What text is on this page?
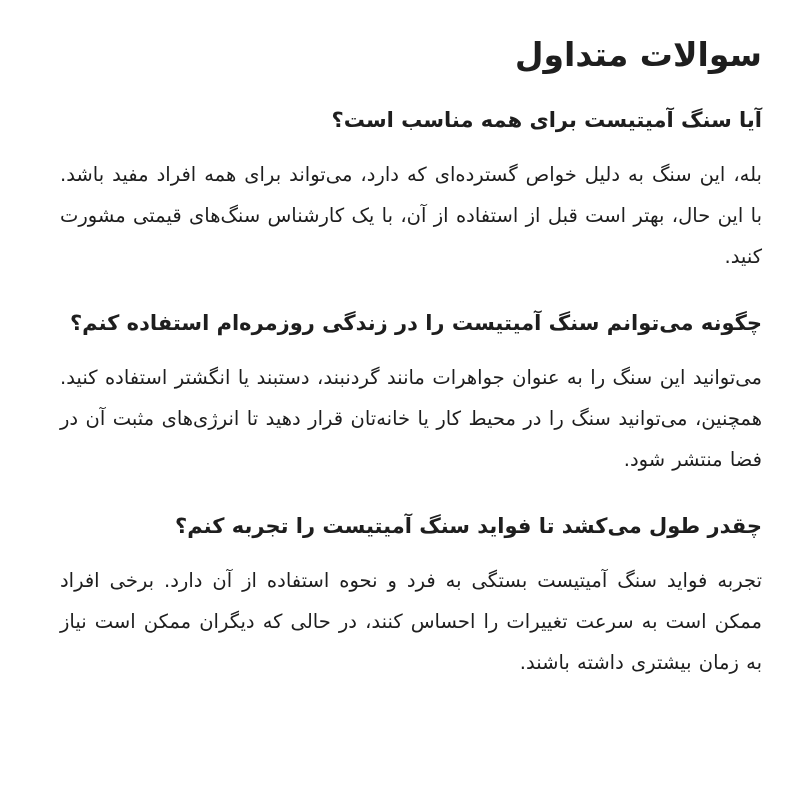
سوالات متداول
آیا سنگ آمیتیست برای همه مناسب است؟

بله، این سنگ به دلیل خواص گسترده‌ای که دارد، می‌تواند برای همه افراد مفید باشد. با این حال، بهتر است قبل از استفاده از آن، با یک کارشناس سنگ‌های قیمتی مشورت کنید.

چگونه می‌توانم سنگ آمیتیست را در زندگی روزمره‌ام استفاده کنم؟

می‌توانید این سنگ را به عنوان جواهرات مانند گردنبند، دستبند یا انگشتر استفاده کنید. همچنین، می‌توانید سنگ را در محیط کار یا خانه‌تان قرار دهید تا انرژی‌های مثبت آن در فضا منتشر شود.

چقدر طول می‌کشد تا فواید سنگ آمیتیست را تجربه کنم؟

تجربه فواید سنگ آمیتیست بستگی به فرد و نحوه استفاده از آن دارد. برخی افراد ممکن است به سرعت تغییرات را احساس کنند، در حالی که دیگران ممکن است نیاز به زمان بیشتری داشته باشند.
